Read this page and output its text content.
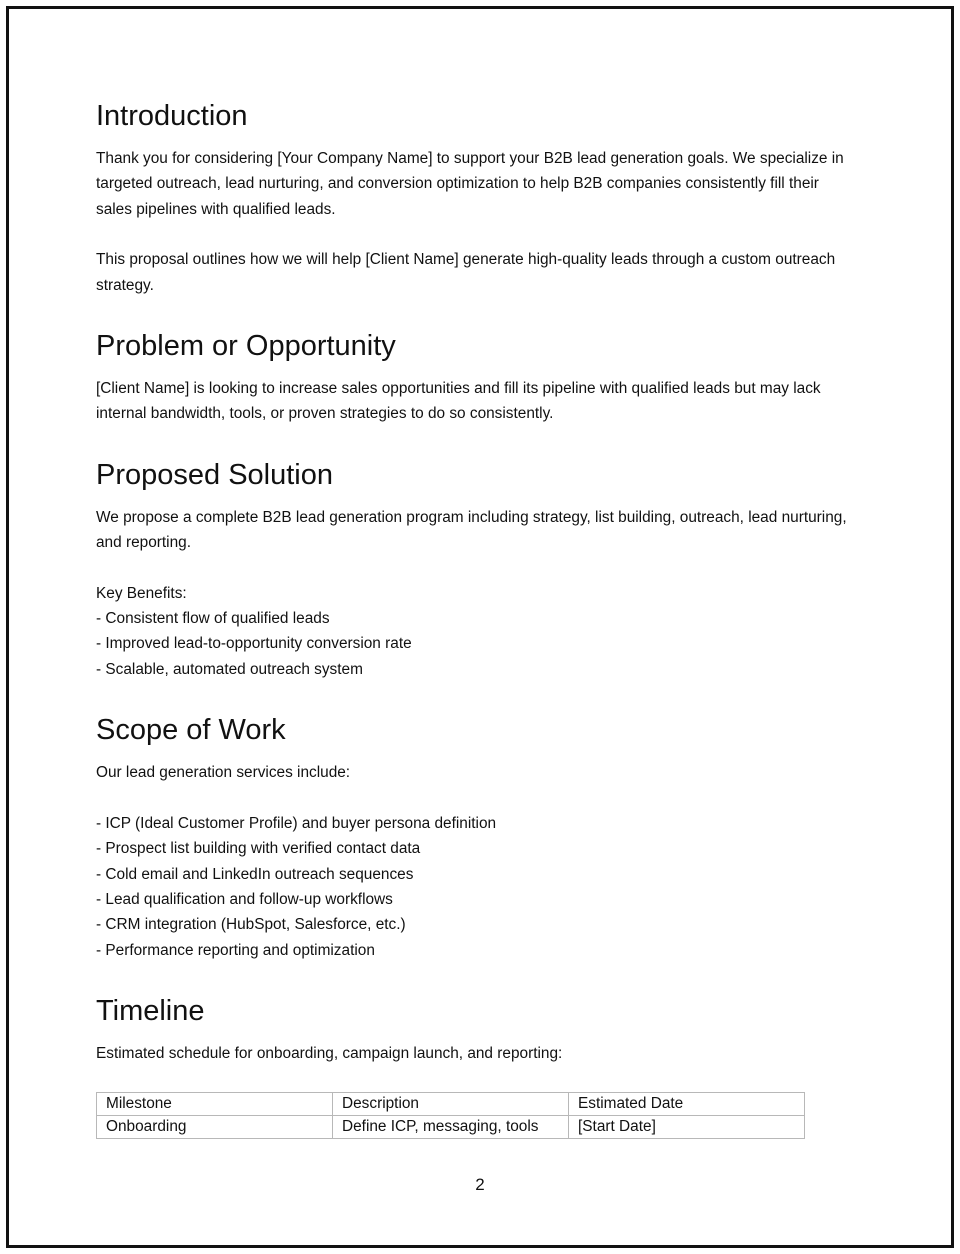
Introduction

Thank you for considering [Your Company Name] to support your B2B lead generation goals. We specialize in targeted outreach, lead nurturing, and conversion optimization to help B2B companies consistently fill their sales pipelines with qualified leads.

This proposal outlines how we will help [Client Name] generate high-quality leads through a custom outreach strategy.

Problem or Opportunity

[Client Name] is looking to increase sales opportunities and fill its pipeline with qualified leads but may lack internal bandwidth, tools, or proven strategies to do so consistently.

Proposed Solution

We propose a complete B2B lead generation program including strategy, list building, outreach, lead nurturing, and reporting.

Key Benefits:

- Consistent flow of qualified leads
- Improved lead-to-opportunity conversion rate
- Scalable, automated outreach system
Scope of Work

Our lead generation services include:

- ICP (Ideal Customer Profile) and buyer persona definition
- Prospect list building with verified contact data
- Cold email and LinkedIn outreach sequences
- Lead qualification and follow-up workflows
- CRM integration (HubSpot, Salesforce, etc.)
- Performance reporting and optimization
Timeline

Estimated schedule for onboarding, campaign launch, and reporting:

Milestone	Description	Estimated Date
Onboarding	Define ICP, messaging, tools	[Start Date]
2
